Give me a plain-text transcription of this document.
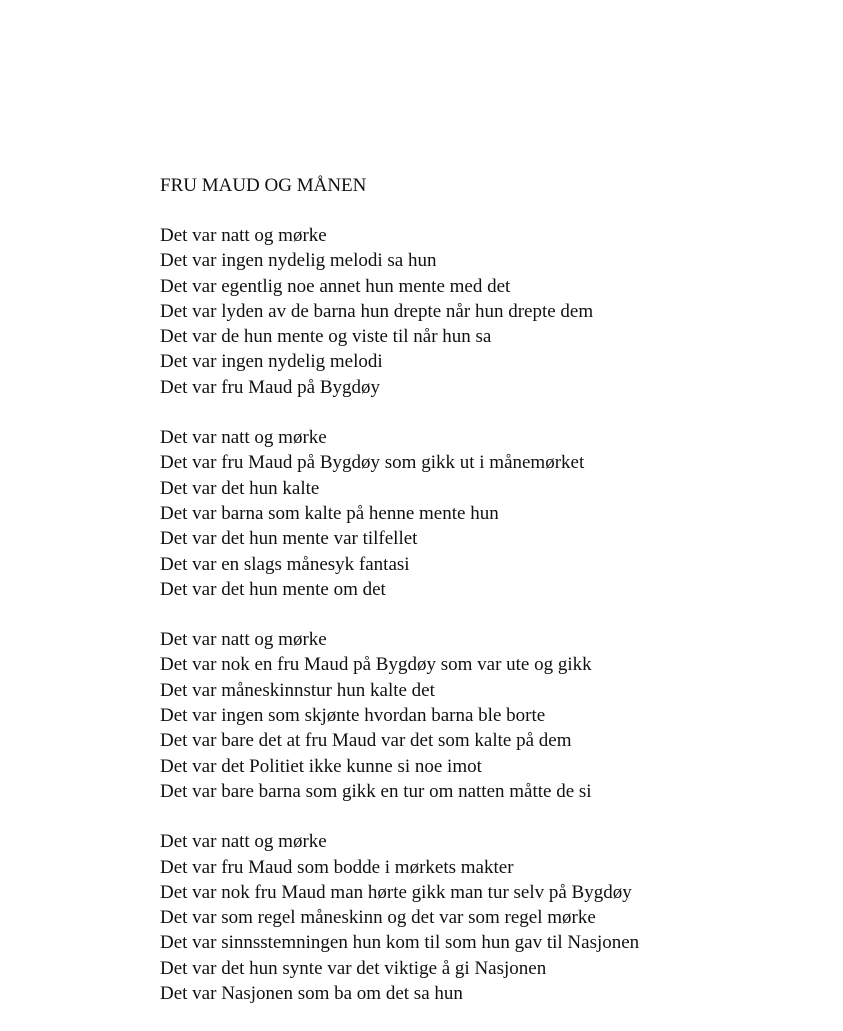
FRU MAUD OG MÅNEN
Det var natt og mørke
Det var ingen nydelig melodi sa hun
Det var egentlig noe annet hun mente med det
Det var lyden av de barna hun drepte når hun drepte dem
Det var de hun mente og viste til når hun sa
Det var ingen nydelig melodi
Det var fru Maud på Bygdøy
Det var natt og mørke
Det var fru Maud på Bygdøy som gikk ut i månemørket
Det var det hun kalte
Det var barna som kalte på henne mente hun
Det var det hun mente var tilfellet
Det var en slags månesyk fantasi
Det var det hun mente om det
Det var natt og mørke
Det var nok en fru Maud på Bygdøy som var ute og gikk
Det var måneskinnstur hun kalte det
Det var ingen som skjønte hvordan barna ble borte
Det var bare det at fru Maud var det som kalte på dem
Det var det Politiet ikke kunne si noe imot
Det var bare barna som gikk en tur om natten måtte de si
Det var natt og mørke
Det var fru Maud som bodde i mørkets makter
Det var nok fru Maud man hørte gikk man tur selv på Bygdøy
Det var som regel måneskinn og det var som regel mørke
Det var sinnsstemningen hun kom til som hun gav til Nasjonen
Det var det hun synte var det viktige å gi Nasjonen
Det var Nasjonen som ba om det sa hun
